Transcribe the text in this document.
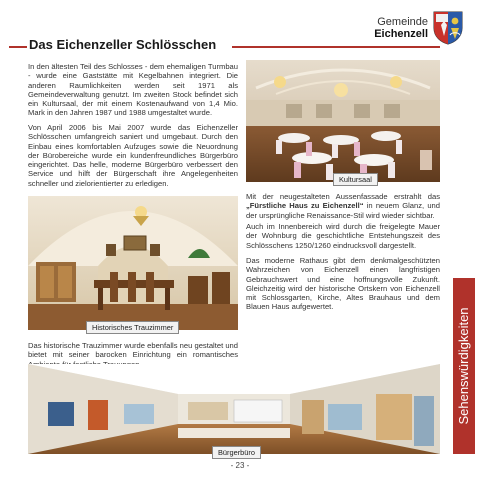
Das Eichenzeller Schlösschen
Gemeinde
Eichenzell

In den ältesten Teil des Schlosses - dem ehemaligen Turmbau - wurde eine Gaststätte mit Kegelbahnen integriert. Die anderen Raumlichkeiten werden seit 1971 als Gemeindeverwaltung genutzt. Im zweiten Stock befindet sich ein Kultursaal, der mit einem Kostenaufwand von 1,4 Mio. Mark in den Jahren 1987 und 1988 umgestaltet wurde.

Von April 2006 bis Mai 2007 wurde das Eichenzeller Schlösschen umfangreich saniert und umgebaut. Durch den Einbau eines komfortablen Aufzuges sowie die Neuordnung der Bürobereiche wurde ein kundenfreundliches Bürgerbüro eingerichtet. Das helle, moderne Bürgerbüro verbessert den Service und hilft der Bürgerschaft ihre Angelegenheiten schneller und zielorientierter zu erledigen.	Kultursaal
Historisches Trauzimmer

Mit der neugestalteten Aussenfassade erstrahlt das „Fürstliche Haus zu Eichenzell“ in neuem Glanz, und der ursprüngliche Renaissance-Stil wird wieder sichtbar.

Auch im Innenbereich wird durch die freigelegte Mauer der Wohnburg die geschichtliche Entstehungszeit des Schlösschens 1250/1260 eindrucksvoll dargestellt.

Das moderne Rathaus gibt dem denkmalgeschützten Wahrzeichen von Eichenzell einen langfristigen Gebrauchswert und eine hoffnungsvolle Zukunft. Gleichzeitig wird der historische Ortskern von Eichenzell mit Schlossgarten, Kirche, Altes Brauhaus und dem Blauen Haus aufgewertet.

Das historische Trauzimmer wurde ebenfalls neu gestaltet und bietet mit seiner barocken Einrichtung ein romantisches

Bürgerbüro
Sehenswürdigkeiten
- 23 -
